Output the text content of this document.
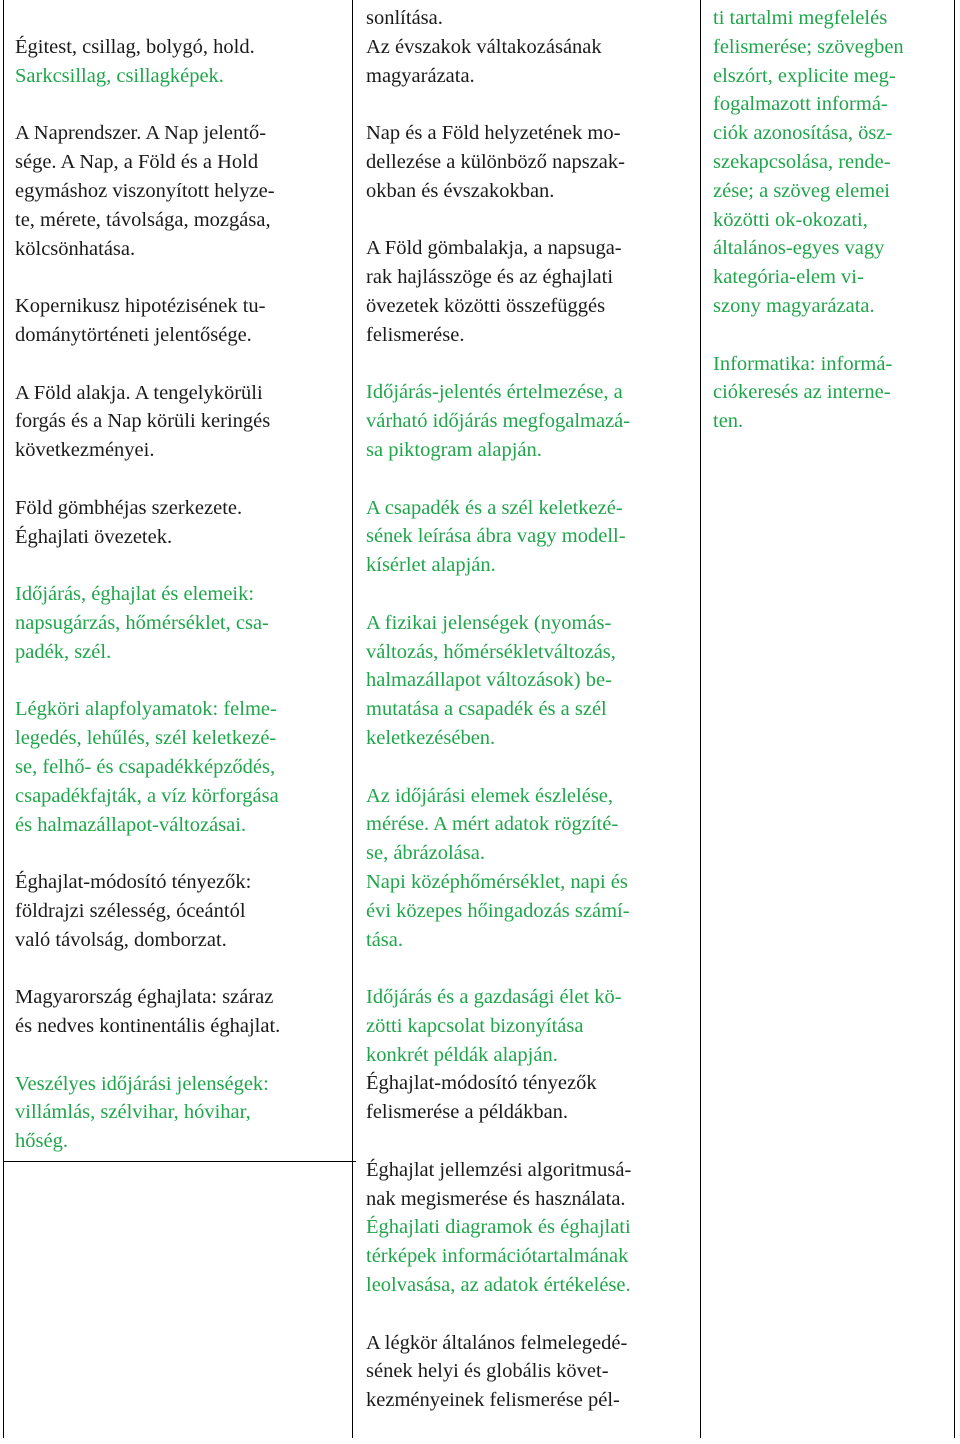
Égitest, csillag, bolygó, hold.
Sarkcsillag, csillagképek.
A Naprendszer. A Nap jelentő-
sége. A Nap, a Föld és a Hold
egymáshoz viszonyított helyze-
te, mérete, távolsága, mozgása,
kölcsönhatása.
Kopernikusz hipotézisének tu-
dománytörténeti jelentősége.
A Föld alakja. A tengelykörüli
forgás és a Nap körüli keringés
következményei.
Föld gömbhéjas szerkezete.
Éghajlati övezetek.
Időjárás, éghajlat és elemeik:
napsugárzás, hőmérséklet, csa-
padék, szél.
Légköri alapfolyamatok: felme-
legedés, lehűlés, szél keletkezé-
se, felhő- és csapadékképződés,
csapadékfajták, a víz körforgása
és halmazállapot-változásai.
Éghajlat-módosító tényezők:
földrajzi szélesség, óceántól
való távolság, domborzat.
Magyarország éghajlata: száraz
és nedves kontinentális éghajlat.
Veszélyes időjárási jelenségek:
villámlás, szélvihar, hóvihar,
hőség.
sonlítása.
Az évszakok váltakozásának
magyarázata.
Nap és a Föld helyzetének mo-
dellezése a különböző napszak-
okban és évszakokban.
A Föld gömbalakja, a napsuga-
rak hajlásszöge és az éghajlati
övezetek közötti összefüggés
felismerése.
Időjárás-jelentés értelmezése, a
várható időjárás megfogalmazá-
sa piktogram alapján.
A csapadék és a szél keletkezé-
sének leírása ábra vagy modell-
kísérlet alapján.
A fizikai jelenségek (nyomás-
változás, hőmérsékletváltozás,
halmazállapot változások) be-
mutatása a csapadék és a szél
keletkezésében.
Az időjárási elemek észlelése,
mérése. A mért adatok rögzíté-
se, ábrázolása.
Napi középhőmérséklet, napi és
évi közepes hőingadozás számí-
tása.
Időjárás és a gazdasági élet kö-
zötti kapcsolat bizonyítása
konkrét példák alapján.
Éghajlat-módosító tényezők
felismerése a példákban.
Éghajlat jellemzési algoritmusá-
nak megismerése és használata.
Éghajlati diagramok és éghajlati
térképek információtartalmának
leolvasása, az adatok értékelése.
A légkör általános felmelegedé-
sének helyi és globális követ-
kezményeinek felismerése pél-
ti tartalmi megfelelés
felismerése; szövegben
elszórt, explicite meg-
fogalmazott informá-
ciók azonosítása, ösz-
szekapcsolása, rende-
zése; a szöveg elemei
közötti ok-okozati,
általános-egyes vagy
kategória-elem vi-
szony magyarázata.
Informatika: informá-
ciókeresés az interne-
ten.
